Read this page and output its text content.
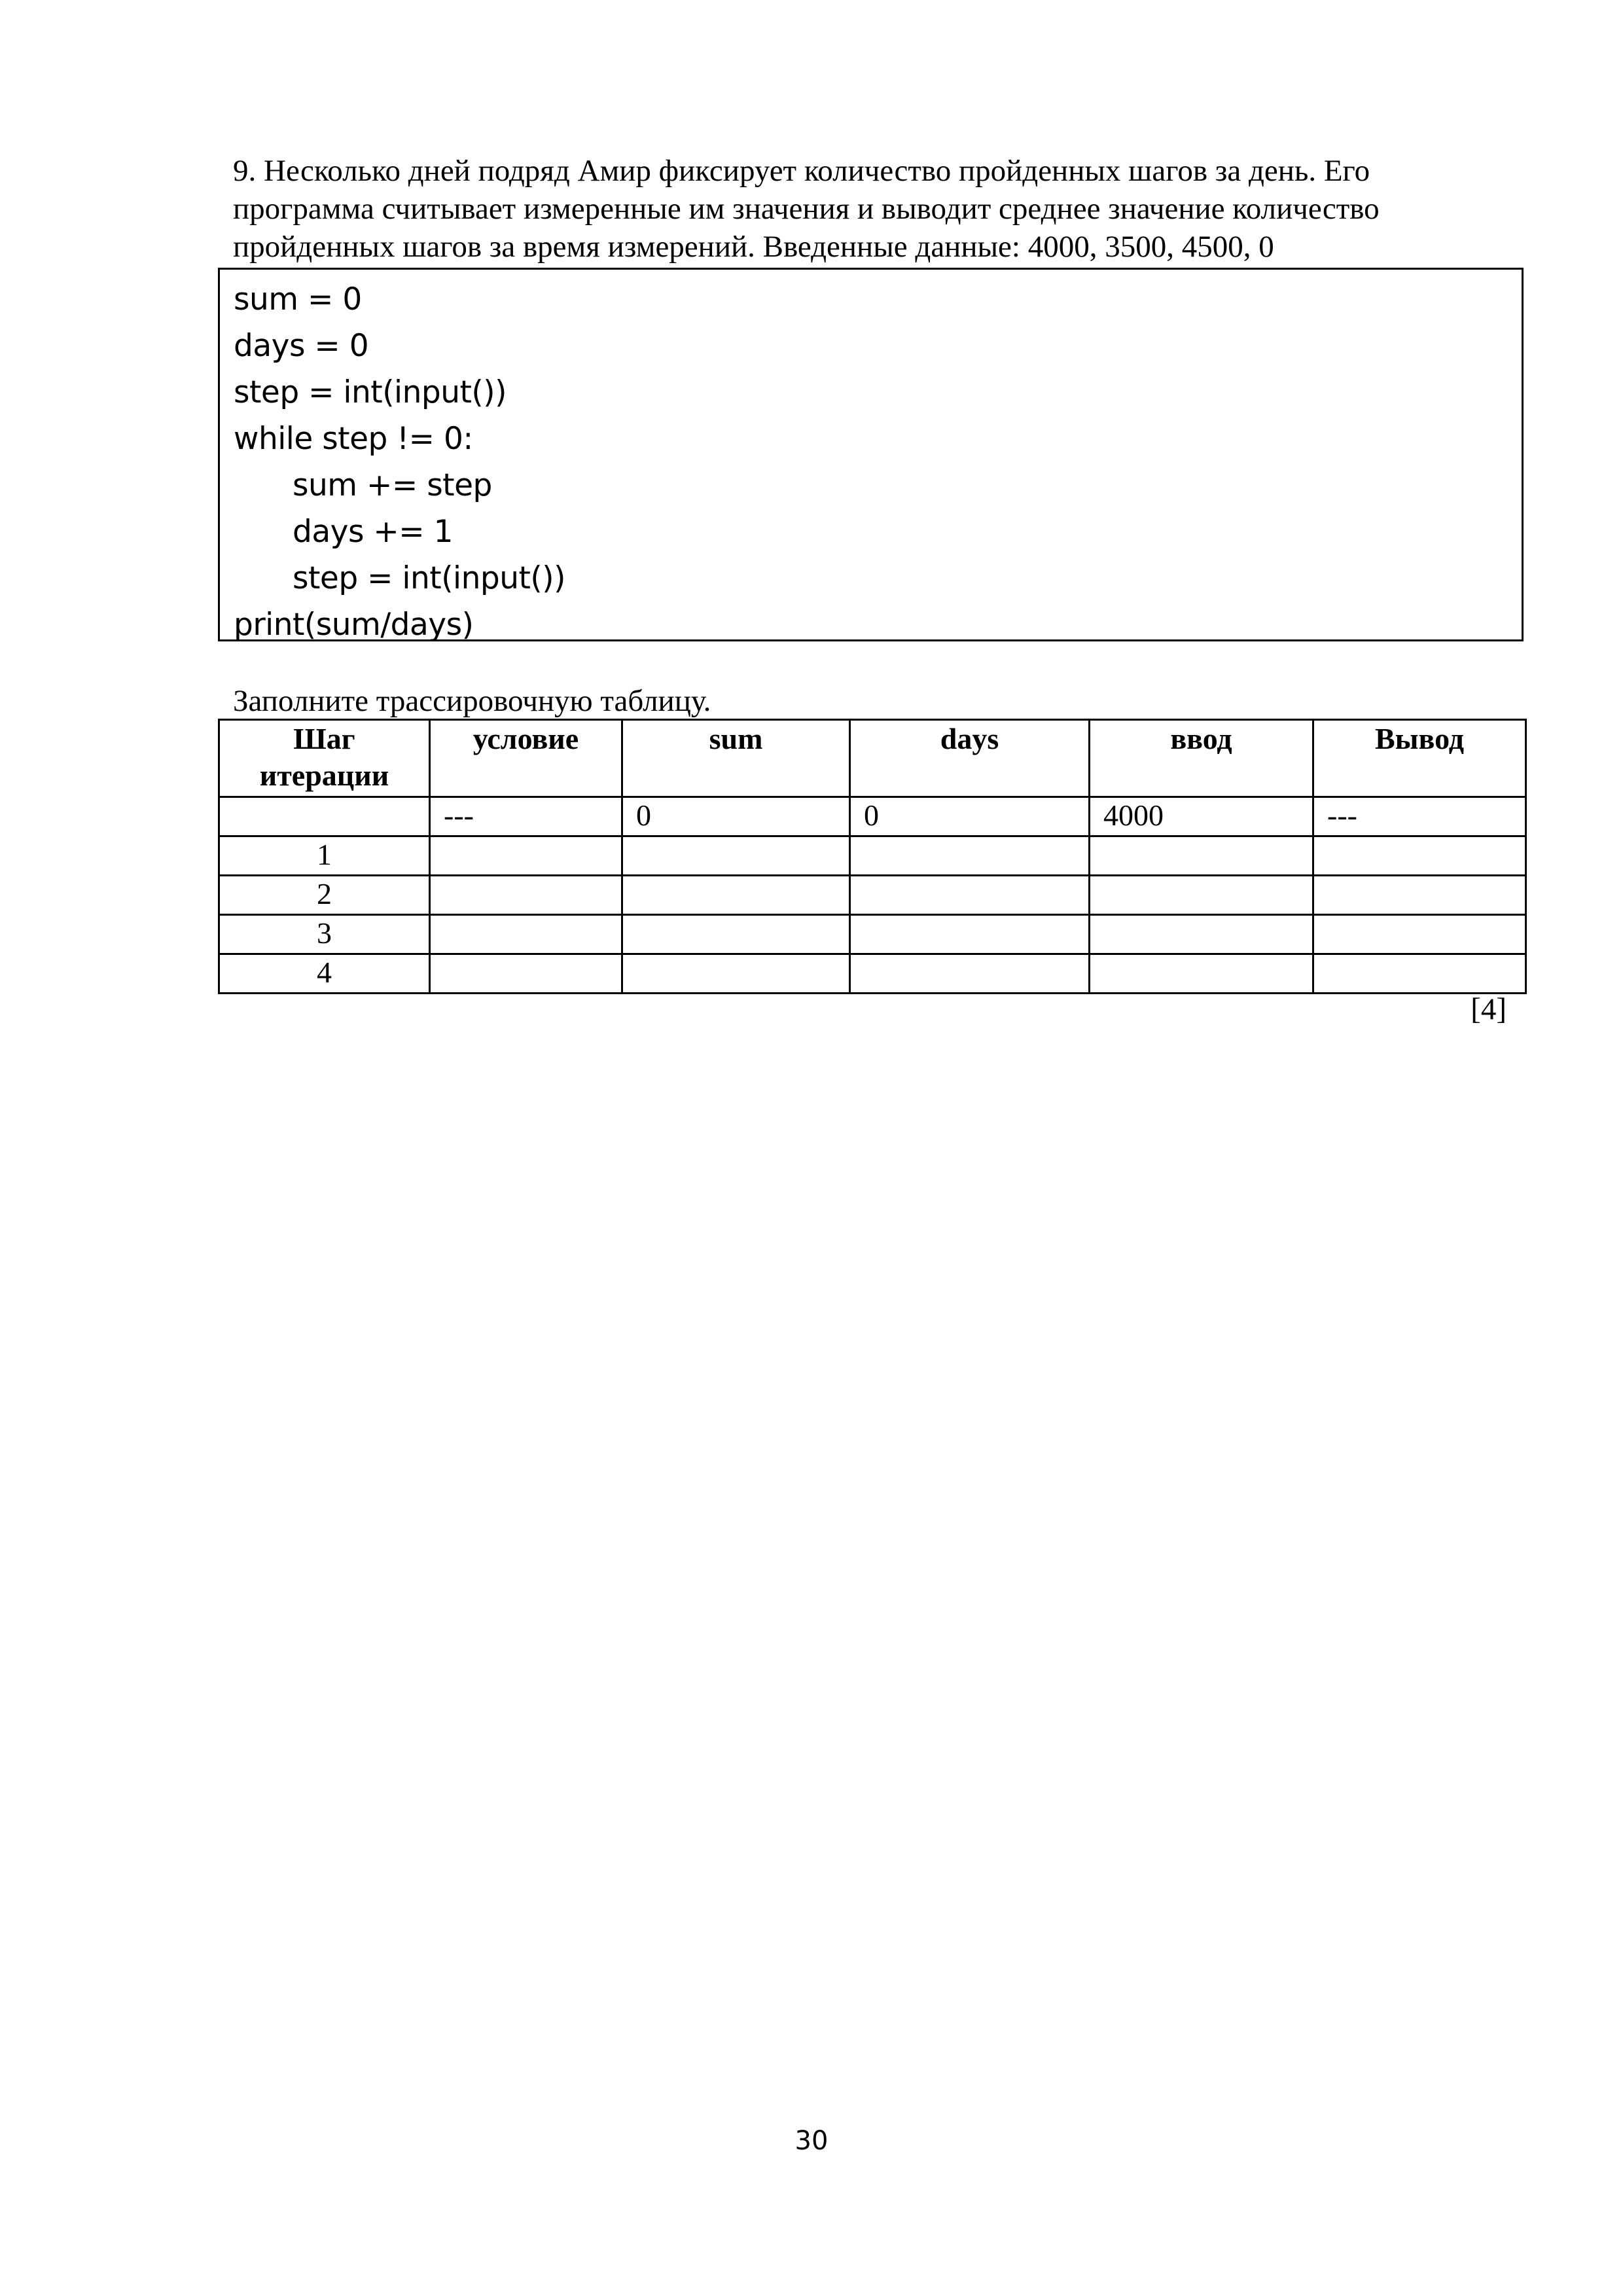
9. Несколько дней подряд Амир фиксирует количество пройденных шагов за день. Его
программа считывает измеренные им значения и выводит среднее значение количество
пройденных шагов за время измерений. Введенные данные: 4000, 3500, 4500, 0
sum = 0
days = 0
step = int(input())
while step != 0:
sum += step
days += 1
step = int(input())
print(sum/days)
Заполните трассировочную таблицу.
Шаг итерации	условие	sum	days	ввод	Вывод
	---	0	0	4000	---
1					
2					
3					
4					
[4]
30
